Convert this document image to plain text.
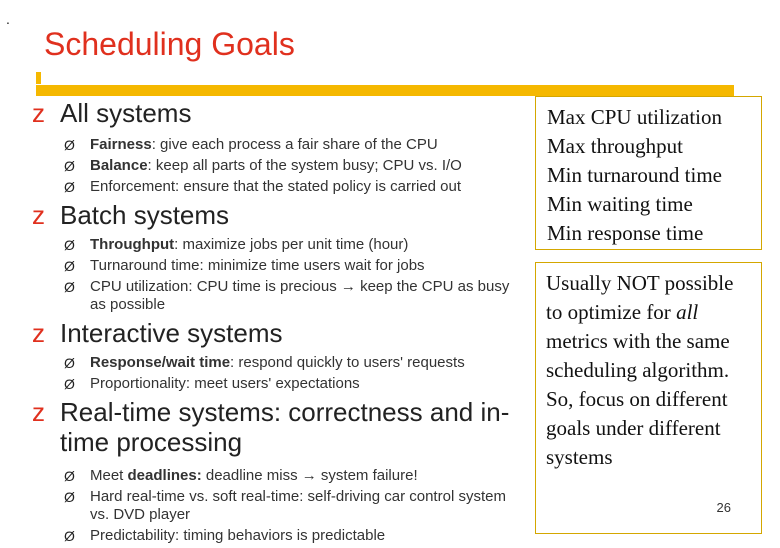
.
Scheduling Goals
z All systems
Ø	Fairness: give each process a fair share of the CPU
Ø	Balance: keep all parts of the system busy; CPU vs. I/O
Ø	Enforcement: ensure that the stated policy is carried out
z Batch systems
Ø	Throughput: maximize jobs per unit time (hour)
Ø	Turnaround time: minimize time users wait for jobs
Ø	CPU utilization: CPU time is precious → keep the CPU as busy as possible
z Interactive systems
Ø	Response/wait time: respond quickly to users' requests
Ø	Proportionality: meet users' expectations
z Real-time systems: correctness and in-time processing
Ø	Meet deadlines: deadline miss → system failure!
Ø	Hard real-time vs. soft real-time: self-driving car control system vs. DVD player
Ø	Predictability: timing behaviors is predictable
Max CPU utilization
Max throughput
Min turnaround time
Min waiting time
Min response time
Usually NOT possible to optimize for all metrics with the same scheduling algorithm.
So, focus on different goals under different systems
26
